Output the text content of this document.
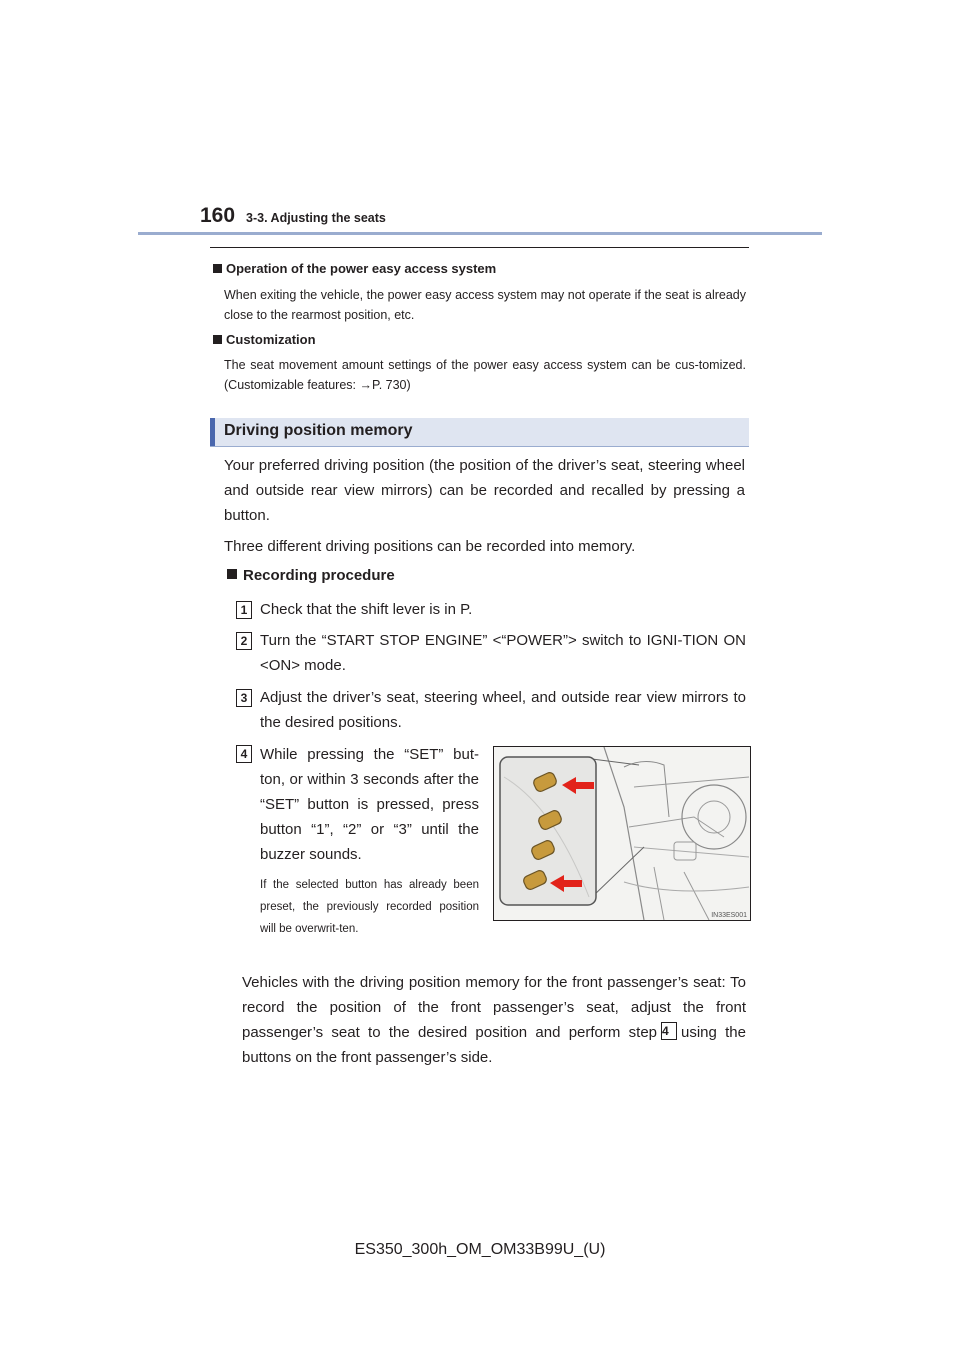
160 3-3. Adjusting the seats
Operation of the power easy access system
When exiting the vehicle, the power easy access system may not operate if the seat is already close to the rearmost position, etc.
Customization
The seat movement amount settings of the power easy access system can be cus-tomized. (Customizable features: →P. 730)
Driving position memory
Your preferred driving position (the position of the driver’s seat, steering wheel and outside rear view mirrors) can be recorded and recalled by pressing a button.
Three different driving positions can be recorded into memory.
Recording procedure
1 Check that the shift lever is in P.
2 Turn the “START STOP ENGINE” <“POWER”> switch to IGNI-TION ON <ON> mode.
3 Adjust the driver’s seat, steering wheel, and outside rear view mirrors to the desired positions.
4 While pressing the “SET” but-ton, or within 3 seconds after the “SET” button is pressed, press button “1”, “2” or “3” until the buzzer sounds.
If the selected button has already been preset, the previously recorded position will be overwrit-ten.
IN33ES001
Vehicles with the driving position memory for the front passenger’s seat: To record the position of the front passenger’s seat, adjust the front passenger’s seat to the desired position and perform step 4 using the buttons on the front passenger’s side.
ES350_300h_OM_OM33B99U_(U)
